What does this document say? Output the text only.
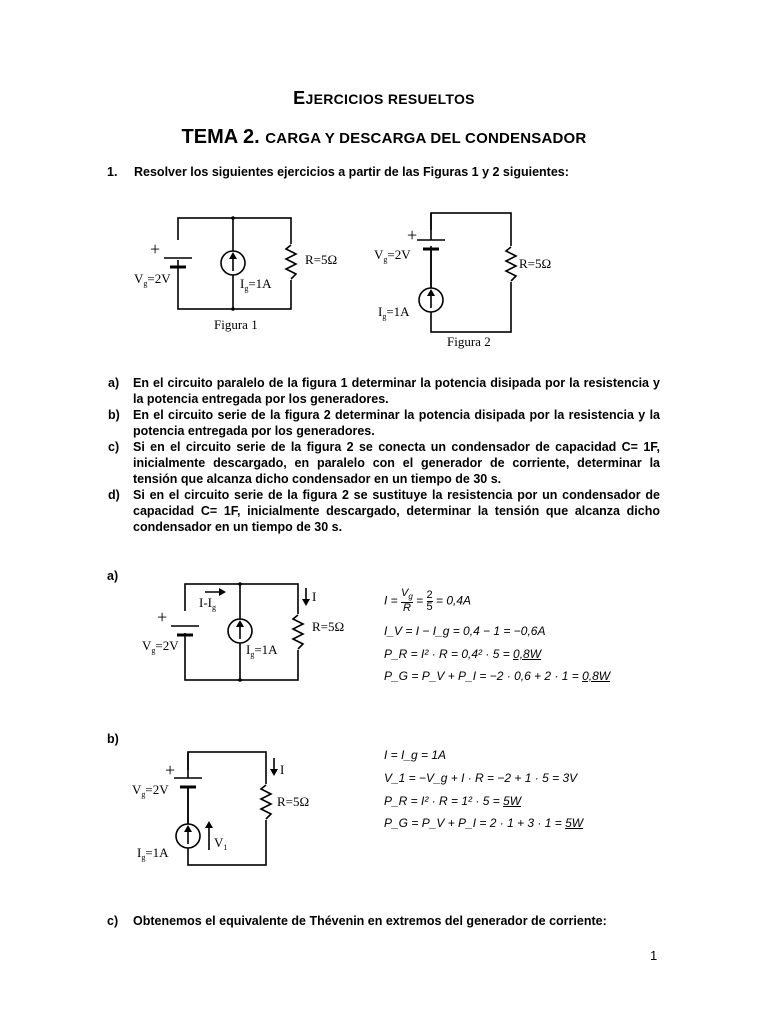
EJERCICIOS RESUELTOS
TEMA 2. CARGA Y DESCARGA DEL CONDENSADOR
1. Resolver los siguientes ejercicios a partir de las Figuras 1 y 2 siguientes:
+
$V_g=2V$	$I_g=1A$
R=5Ω
Figura 1
+
$V_g=2V$
$I_g=1A$
R=5Ω
Figura 2
a)	En el circuito paralelo de la figura 1 determinar la potencia disipada por la resistencia y la potencia entregada por los generadores.
b)	En el circuito serie de la figura 2 determinar la potencia disipada por la resistencia y la potencia entregada por los generadores.
c)	Si en el circuito serie de la figura 2 se conecta un condensador de capacidad C= 1F, inicialmente descargado, en paralelo con el generador de corriente, determinar la tensión que alcanza dicho condensador en un tiempo de 30 s.
d)	Si en el circuito serie de la figura 2 se sustituye la resistencia por un condensador de capacidad C= 1F, inicialmente descargado, determinar la tensión que alcanza dicho condensador en un tiempo de 30 s.
a)
+
$V_g=2V$	$I_g=1A$
$I-I_g$
I
R=5Ω
$I = \frac{V_g}{R} = \frac{2}{5} = 0,4A$
I_V = I − I_g = 0,4 − 1 = −0,6A
P_R = I² · R = 0,4² · 5 = 0,8W
P_G = P_V + P_I = −2 · 0,6 + 2 · 1 = 0,8W
b)
+
$V_g=2V$
$I_g=1A$
I
R=5Ω
$V_1$
I = I_g = 1A
V_1 = −V_g + I · R = −2 + 1 · 5 = 3V
P_R = I² · R = 1² · 5 = 5W
P_G = P_V + P_I = 2 · 1 + 3 · 1 = 5W
c) Obtenemos el equivalente de Thévenin en extremos del generador de corriente:
1
